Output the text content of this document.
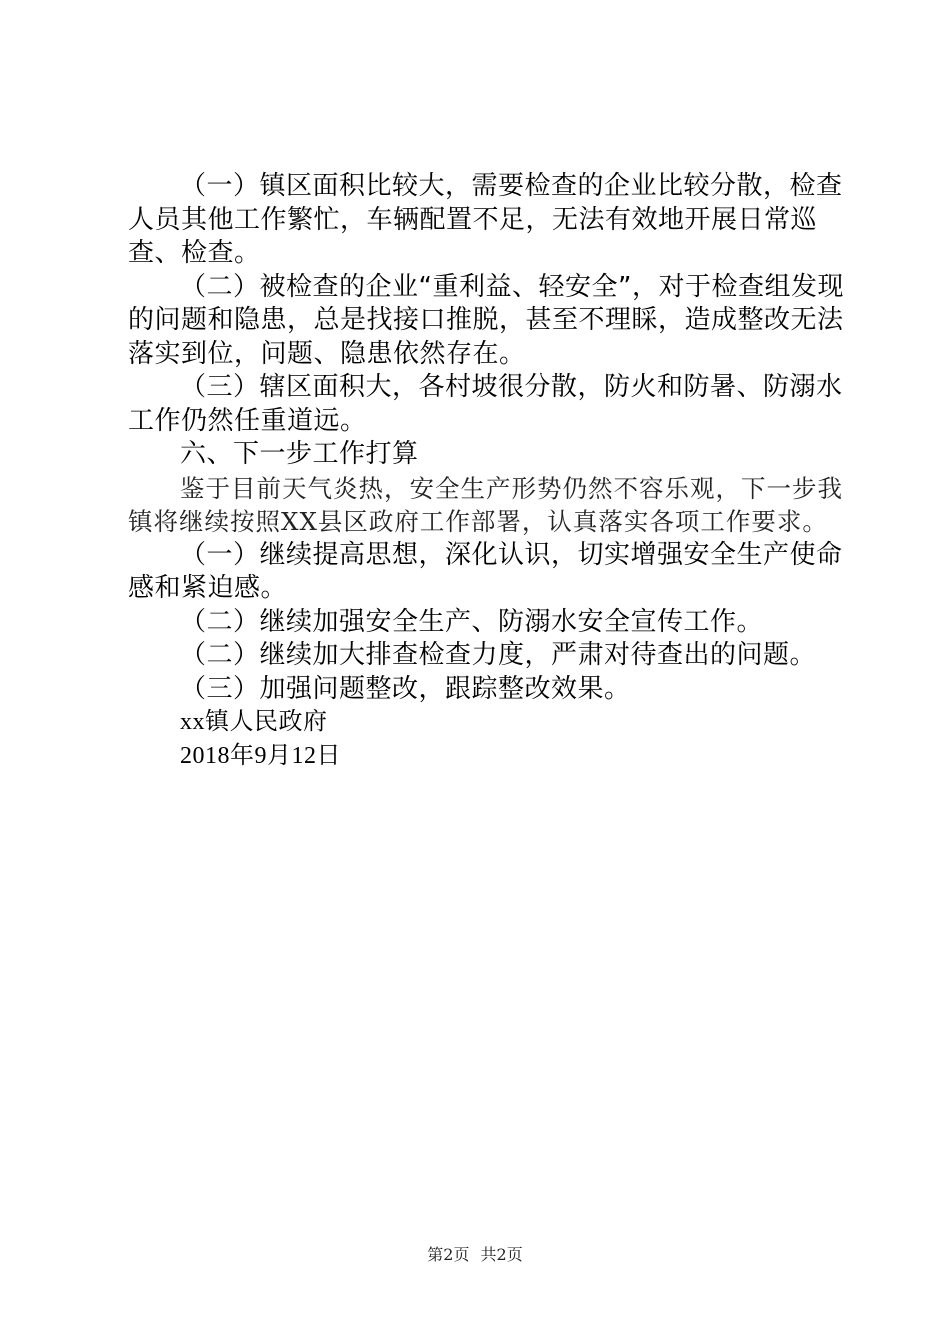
（一）镇区面积比较大，需要检查的企业比较分散，检查人员其他工作繁忙，车辆配置不足，无法有效地开展日常巡查、检查。

（二）被检查的企业“重利益、轻安全”，对于检查组发现的问题和隐患，总是找接口推脱，甚至不理睬，造成整改无法落实到位，问题、隐患依然存在。

（三）辖区面积大，各村坡很分散，防火和防暑、防溺水工作仍然任重道远。

六、下一步工作打算

鉴于目前天气炎热，安全生产形势仍然不容乐观，下一步我镇将继续按照XX县区政府工作部署，认真落实各项工作要求。

（一）继续提高思想，深化认识，切实增强安全生产使命感和紧迫感。

（二）继续加强安全生产、防溺水安全宣传工作。

（二）继续加大排查检查力度，严肃对待查出的问题。

（三）加强问题整改，跟踪整改效果。

xx镇人民政府

2018年9月12日

第2页 共2页
